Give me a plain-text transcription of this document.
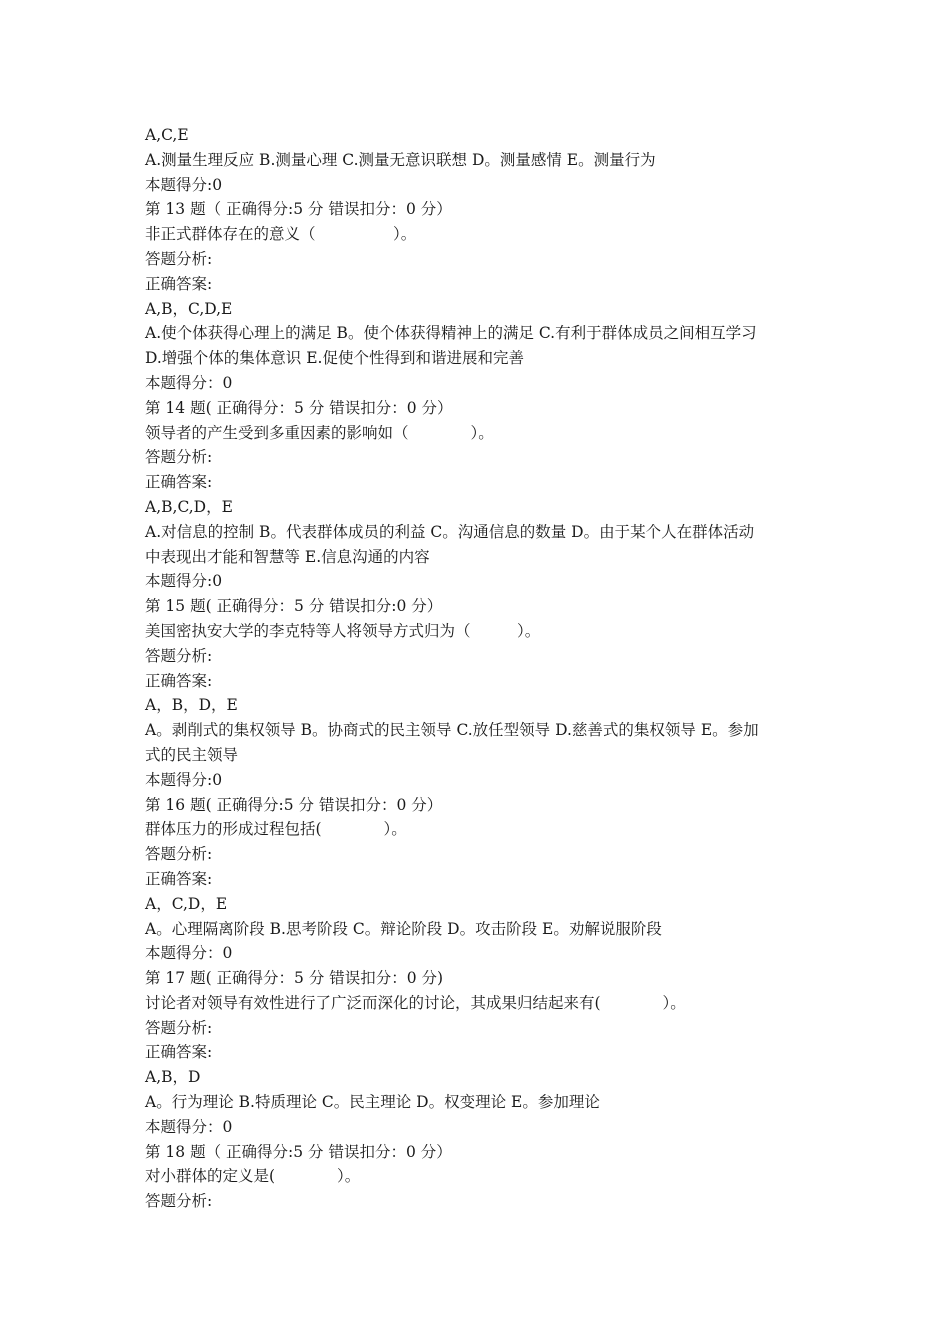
A,C,E
A.测量生理反应 B.测量心理 C.测量无意识联想 D。测量感情 E。测量行为
本题得分:0
第 13 题（ 正确得分:5 分 错误扣分：0 分）
非正式群体存在的意义（　　　　　）。
答题分析:
正确答案:
A,B，C,D,E
A.使个体获得心理上的满足 B。使个体获得精神上的满足 C.有利于群体成员之间相互学习
D.增强个体的集体意识 E.促使个性得到和谐进展和完善
本题得分：0
第 14 题( 正确得分：5 分 错误扣分：0 分）
领导者的产生受到多重因素的影响如（　　　　）。
答题分析:
正确答案:
A,B,C,D，E
A.对信息的控制 B。代表群体成员的利益 C。沟通信息的数量 D。由于某个人在群体活动
中表现出才能和智慧等 E.信息沟通的内容
本题得分:0
第 15 题( 正确得分：5 分 错误扣分:0 分）
美国密执安大学的李克特等人将领导方式归为（　　　）。
答题分析:
正确答案:
A，B，D，E
A。剥削式的集权领导 B。协商式的民主领导 C.放任型领导 D.慈善式的集权领导 E。参加
式的民主领导
本题得分:0
第 16 题( 正确得分:5 分 错误扣分：0 分）
群体压力的形成过程包括(　　　　）。
答题分析:
正确答案:
A，C,D，E
A。心理隔离阶段 B.思考阶段 C。辩论阶段 D。攻击阶段 E。劝解说服阶段
本题得分：0
第 17 题( 正确得分：5 分 错误扣分：0 分)
讨论者对领导有效性进行了广泛而深化的讨论，其成果归结起来有(　　　　）。
答题分析:
正确答案:
A,B，D
A。行为理论 B.特质理论 C。民主理论 D。权变理论 E。参加理论
本题得分：0
第 18 题（ 正确得分:5 分 错误扣分：0 分）
对小群体的定义是(　　　　）。
答题分析:
